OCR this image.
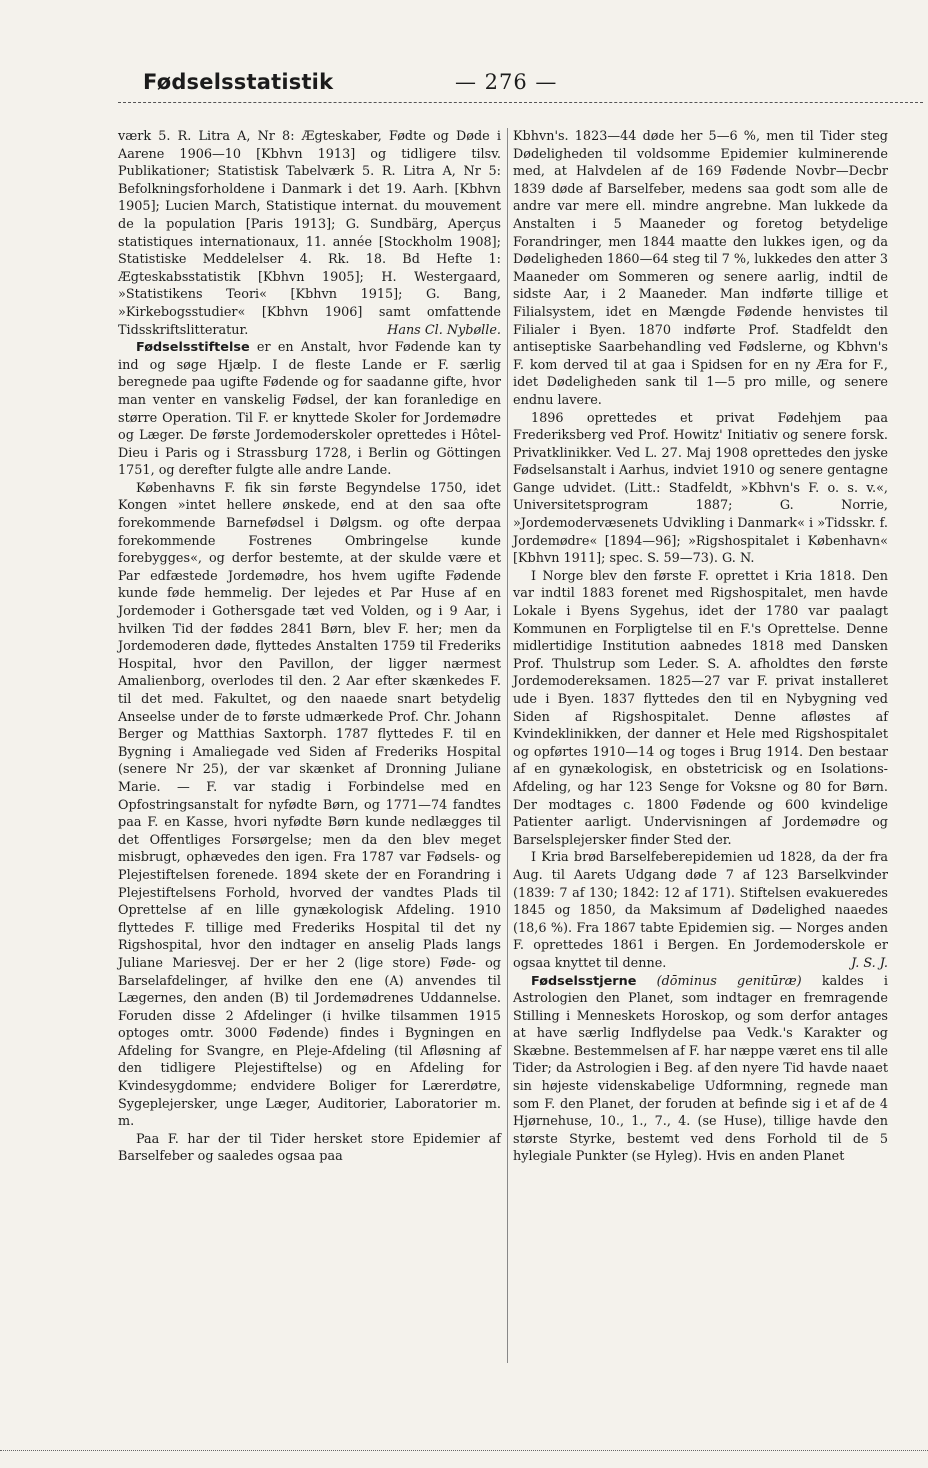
Fødselsstatistik	— 276 —

værk 5. R. Litra A, Nr 8: Ægteskaber, Fødte og Døde i Aarene 1906—10 [Kbhvn 1913] og tidligere tilsv. Publikationer; Statistisk Tabelværk 5. R. Litra A, Nr 5: Befolkningsforholdene i Danmark i det 19. Aarh. [Kbhvn 1905]; Lucien March, Statistique internat. du mouvement de la population [Paris 1913]; G. Sundbärg, Aperçus statistiques internationaux, 11. année [Stockholm 1908]; Statistiske Meddelelser 4. Rk. 18. Bd Hefte 1: Ægteskabsstatistik [Kbhvn 1905]; H. Westergaard, »Statistikens Teori« [Kbhvn 1915]; G. Bang, »Kirkebogsstudier« [Kbhvn 1906] samt omfattende Tidsskriftslitteratur.	Hans Cl. Nybølle.

Fødselsstiftelse er en Anstalt, hvor Fødende kan ty ind og søge Hjælp. I de fleste Lande er F. særlig beregnede paa ugifte Fødende og for saadanne gifte, hvor man venter en vanskelig Fødsel, der kan foranledige en større Operation. Til F. er knyttede Skoler for Jordemødre og Læger. De første Jordemoderskoler oprettedes i Hôtel-Dieu i Paris og i Strassburg 1728, i Berlin og Göttingen 1751, og derefter fulgte alle andre Lande.

Københavns F. fik sin første Begyndelse 1750, idet Kongen »intet hellere ønskede, end at den saa ofte forekommende Barnefødsel i Dølgsm. og ofte derpaa forekommende Fostrenes Ombringelse kunde forebygges«, og derfor bestemte, at der skulde være et Par edfæstede Jordemødre, hos hvem ugifte Fødende kunde føde hemmelig. Der lejedes et Par Huse af en Jordemoder i Gothersgade tæt ved Volden, og i 9 Aar, i hvilken Tid der føddes 2841 Børn, blev F. her; men da Jordemoderen døde, flyttedes Anstalten 1759 til Frederiks Hospital, hvor den Pavillon, der ligger nærmest Amalienborg, overlodes til den. 2 Aar efter skænkedes F. til det med. Fakultet, og den naaede snart betydelig Anseelse under de to første udmærkede Prof. Chr. Johann Berger og Matthias Saxtorph. 1787 flyttedes F. til en Bygning i Amaliegade ved Siden af Frederiks Hospital (senere Nr 25), der var skænket af Dronning Juliane Marie. — F. var stadig i Forbindelse med en Opfostringsanstalt for nyfødte Børn, og 1771—74 fandtes paa F. en Kasse, hvori nyfødte Børn kunde nedlægges til det Offentliges Forsørgelse; men da den blev meget misbrugt, ophævedes den igen. Fra 1787 var Fødsels- og Plejestiftelsen forenede. 1894 skete der en Forandring i Plejestiftelsens Forhold, hvorved der vandtes Plads til Oprettelse af en lille gynækologisk Afdeling. 1910 flyttedes F. tillige med Frederiks Hospital til det ny Rigshospital, hvor den indtager en anselig Plads langs Juliane Mariesvej. Der er her 2 (lige store) Føde- og Barselafdelinger, af hvilke den ene (A) anvendes til Lægernes, den anden (B) til Jordemødrenes Uddannelse. Foruden disse 2 Afdelinger (i hvilke tilsammen 1915 optoges omtr. 3000 Fødende) findes i Bygningen en Afdeling for Svangre, en Pleje-Afdeling (til Afløsning af den tidligere Plejestiftelse) og en Afdeling for Kvindesygdomme; endvidere Boliger for Lærerdøtre, Sygeplejersker, unge Læger, Auditorier, Laboratorier m. m.

Paa F. har der til Tider hersket store Epidemier af Barselfeber og saaledes ogsaa paa

Kbhvn's. 1823—44 døde her 5—6 %, men til Tider steg Dødeligheden til voldsomme Epidemier kulminerende med, at Halvdelen af de 169 Fødende Novbr—Decbr 1839 døde af Barselfeber, medens saa godt som alle de andre var mere ell. mindre angrebne. Man lukkede da Anstalten i 5 Maaneder og foretog betydelige Forandringer, men 1844 maatte den lukkes igen, og da Dødeligheden 1860—64 steg til 7 %, lukkedes den atter 3 Maaneder om Sommeren og senere aarlig, indtil de sidste Aar, i 2 Maaneder. Man indførte tillige et Filialsystem, idet en Mængde Fødende henvistes til Filialer i Byen. 1870 indførte Prof. Stadfeldt den antiseptiske Saarbehandling ved Fødslerne, og Kbhvn's F. kom derved til at gaa i Spidsen for en ny Æra for F., idet Dødeligheden sank til 1—5 pro mille, og senere endnu lavere.

1896 oprettedes et privat Fødehjem paa Frederiksberg ved Prof. Howitz' Initiativ og senere forsk. Privatklinikker. Ved L. 27. Maj 1908 oprettedes den jyske Fødselsanstalt i Aarhus, indviet 1910 og senere gentagne Gange udvidet. (Litt.: Stadfeldt, »Kbhvn's F. o. s. v.«, Universitetsprogram 1887; G. Norrie, »Jordemodervæsenets Udvikling i Danmark« i »Tidsskr. f. Jordemødre« [1894—96]; »Rigshospitalet i København« [Kbhvn 1911]; spec. S. 59—73). G. N.

I Norge blev den første F. oprettet i Kria 1818. Den var indtil 1883 forenet med Rigshospitalet, men havde Lokale i Byens Sygehus, idet der 1780 var paalagt Kommunen en Forpligtelse til en F.'s Oprettelse. Denne midlertidige Institution aabnedes 1818 med Dansken Prof. Thulstrup som Leder. S. A. afholdtes den første Jordemodereksamen. 1825—27 var F. privat installeret ude i Byen. 1837 flyttedes den til en Nybygning ved Siden af Rigshospitalet. Denne afløstes af Kvindeklinikken, der danner et Hele med Rigshospitalet og opførtes 1910—14 og toges i Brug 1914. Den bestaar af en gynækologisk, en obstetricisk og en Isolations-Afdeling, og har 123 Senge for Voksne og 80 for Børn. Der modtages c. 1800 Fødende og 600 kvindelige Patienter aarligt. Undervisningen af Jordemødre og Barselsplejersker finder Sted der.

I Kria brød Barselfeberepidemien ud 1828, da der fra Aug. til Aarets Udgang døde 7 af 123 Barselkvinder (1839: 7 af 130; 1842: 12 af 171). Stiftelsen evakueredes 1845 og 1850, da Maksimum af Dødelighed naaedes (18,6 %). Fra 1867 tabte Epidemien sig. — Norges anden F. oprettedes 1861 i Bergen. En Jordemoderskole er ogsaa knyttet til denne.	J. S. J.

Fødselsstjerne (dōminus genitūræ) kaldes i Astrologien den Planet, som indtager en fremragende Stilling i Menneskets Horoskop, og som derfor antages at have særlig Indflydelse paa Vedk.'s Karakter og Skæbne. Bestemmelsen af F. har næppe været ens til alle Tider; da Astrologien i Beg. af den nyere Tid havde naaet sin højeste videnskabelige Udformning, regnede man som F. den Planet, der foruden at befinde sig i et af de 4 Hjørnehuse, 10., 1., 7., 4. (se Huse), tillige havde den største Styrke, bestemt ved dens Forhold til de 5 hylegiale Punkter (se Hyleg). Hvis en anden Planet
